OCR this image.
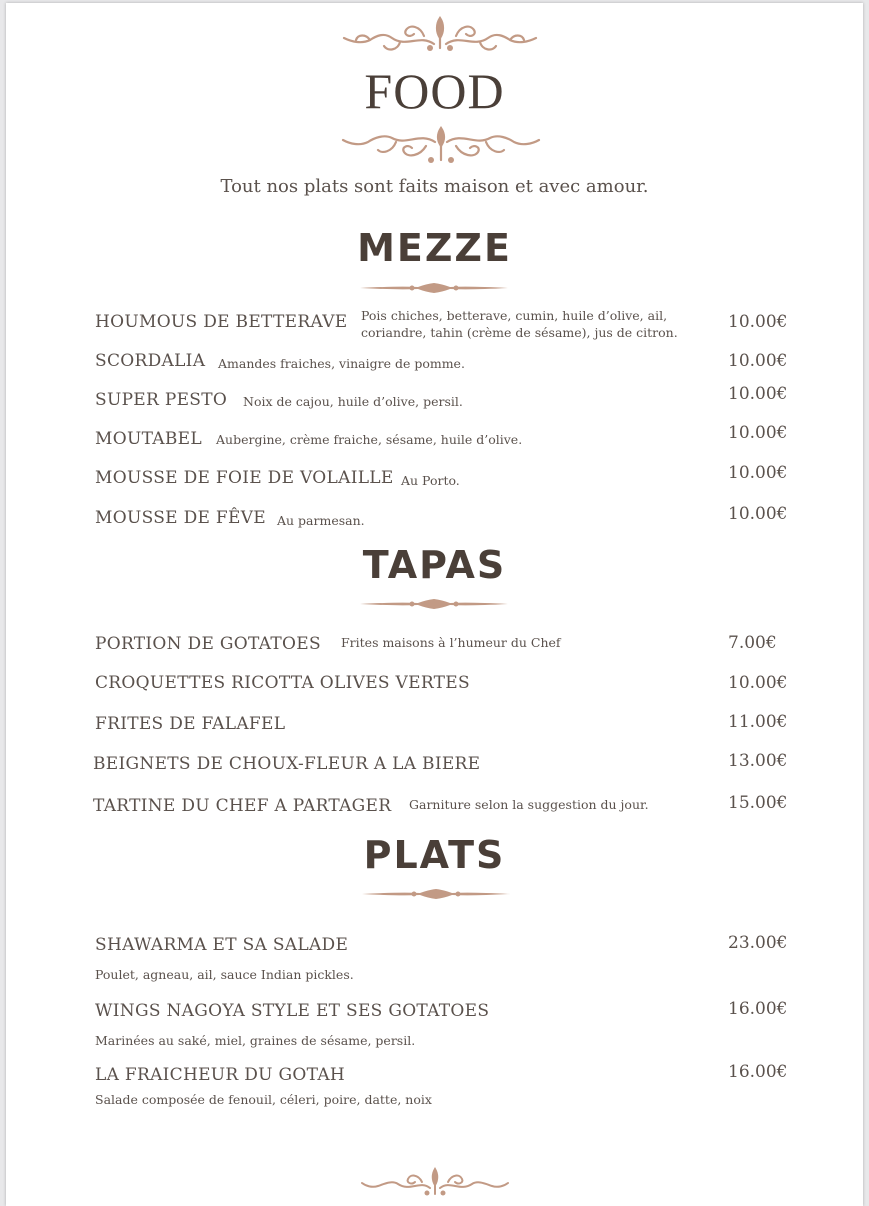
FOOD
Tout nos plats sont faits maison et avec amour.
MEZZE
HOUMOUS DE BETTERAVE Pois chiches, betterave, cumin, huile d’olive, ail,
coriandre, tahin (crème de sésame), jus de citron.
10.00€
SCORDALIA Amandes fraiches, vinaigre de pomme.	10.00€
SUPER PESTO Noix de cajou, huile d’olive, persil.	10.00€
MOUTABEL Aubergine, crème fraiche, sésame, huile d’olive.	10.00€
MOUSSE DE FOIE DE VOLAILLE Au Porto.	10.00€
MOUSSE DE FÊVE Au parmesan.	10.00€
TAPAS
PORTION DE GOTATOES Frites maisons à l’humeur du Chef	7.00€
CROQUETTES RICOTTA OLIVES VERTES	10.00€
FRITES DE FALAFEL	11.00€
BEIGNETS DE CHOUX-FLEUR A LA BIERE	13.00€
TARTINE DU CHEF A PARTAGER Garniture selon la suggestion du jour.	15.00€
PLATS
SHAWARMA ET SA SALADE
Poulet, agneau, ail, sauce Indian pickles.
23.00€
WINGS NAGOYA STYLE ET SES GOTATOES
Marinées au saké, miel, graines de sésame, persil.
16.00€
LA FRAICHEUR DU GOTAH
Salade composée de fenouil, céleri, poire, datte, noix
16.00€
